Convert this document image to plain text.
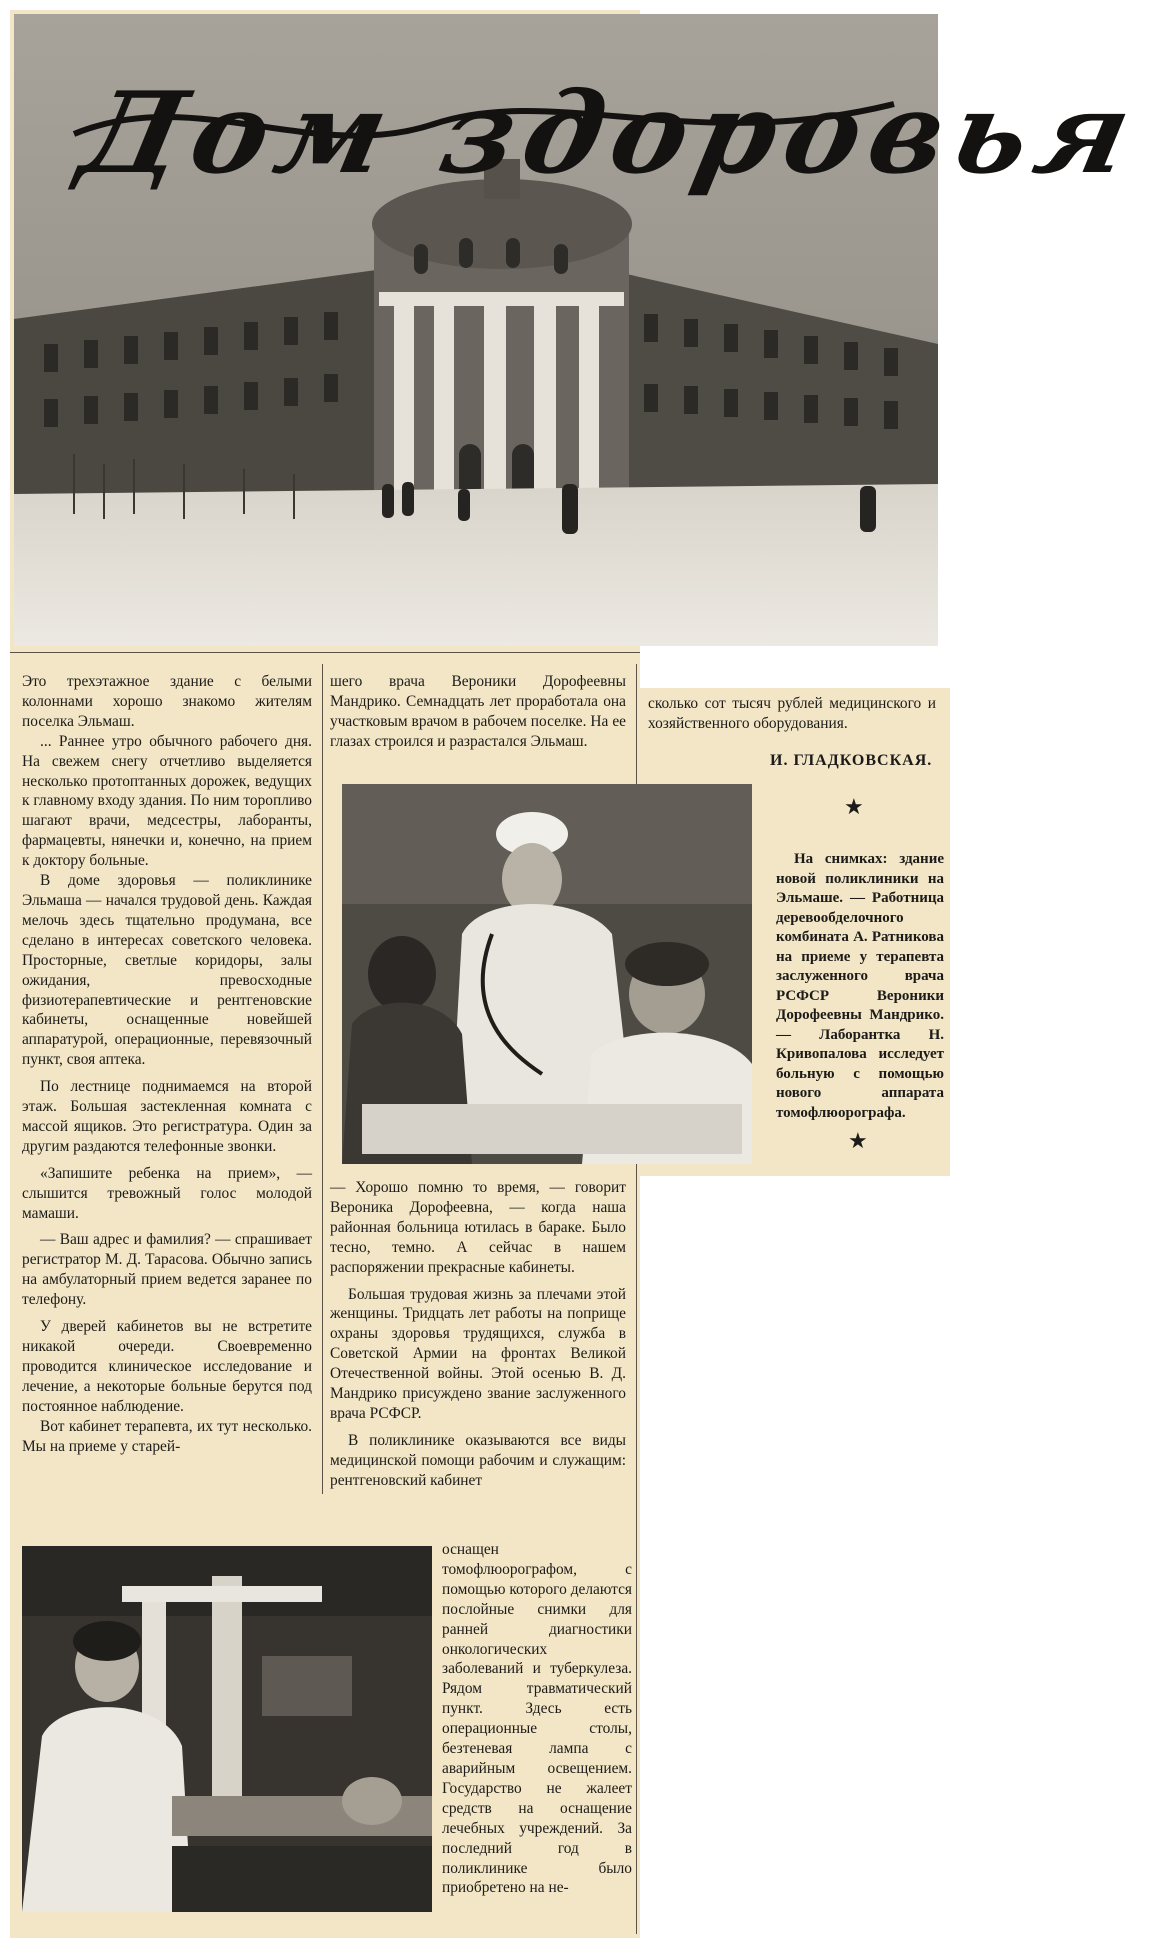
Дом здоровья

Это трехэтажное здание с белыми колоннами хорошо знакомо жителям поселка Эльмаш.

... Раннее утро обычного рабочего дня. На свежем снегу отчетливо выделяется несколько протоптанных дорожек, ведущих к главному входу здания. По ним торопливо шагают врачи, медсестры, лаборанты, фармацевты, нянечки и, конечно, на прием к доктору больные.

В доме здоровья — поликлинике Эльмаша — начался трудовой день. Каждая мелочь здесь тщательно продумана, все сделано в интересах советского человека. Просторные, светлые коридоры, залы ожидания, превосходные физиотерапевтические и рентгеновские кабинеты, оснащенные новейшей аппаратурой, операционные, перевязочный пункт, своя аптека.

По лестнице поднимаемся на второй этаж. Большая застекленная комната с массой ящиков. Это регистратура. Один за другим раздаются телефонные звонки.

«Запишите ребенка на прием», — слышится тревожный голос молодой мамаши.

— Ваш адрес и фамилия? — спрашивает регистратор М. Д. Тарасова. Обычно запись на амбулаторный прием ведется заранее по телефону.

У дверей кабинетов вы не встретите никакой очереди. Своевременно проводится клиническое исследование и лечение, а некоторые больные берутся под постоянное наблюдение.

Вот кабинет терапевта, их тут несколько. Мы на приеме у старей-

шего врача Вероники Дорофеевны Мандрико. Семнадцать лет проработала она участковым врачом в рабочем поселке. На ее глазах строился и разрастался Эльмаш.

— Хорошо помню то время, — говорит Вероника Дорофеевна, — когда наша районная больница ютилась в бараке. Было тесно, темно. А сейчас в нашем распоряжении прекрасные кабинеты.

Большая трудовая жизнь за плечами этой женщины. Тридцать лет работы на поприще охраны здоровья трудящихся, служба в Советской Армии на фронтах Великой Отечественной войны. Этой осенью В. Д. Мандрико присуждено звание заслуженного врача РСФСР.

В поликлинике оказываются все виды медицинской помощи рабочим и служащим: рентгеновский кабинет

оснащен томофлюорографом, с помощью которого делаются послойные снимки для ранней диагностики онкологических заболеваний и туберкулеза. Рядом травматический пункт. Здесь есть операционные столы, безтеневая лампа с аварийным освещением. Государство не жалеет средств на оснащение лечебных учреждений. За последний год в поликлинике было приобретено на не-

сколько сот тысяч рублей медицинского и хозяйственного оборудования.

И. ГЛАДКОВСКАЯ.
★

На снимках: здание новой поликлиники на Эльмаше. — Работница деревообделочного комбината А. Ратникова на приеме у терапевта заслуженного врача РСФСР Вероники Дорофеевны Мандрико. — Лаборантка Н. Кривопалова исследует больную с помощью нового аппарата томофлюорографа.

★
